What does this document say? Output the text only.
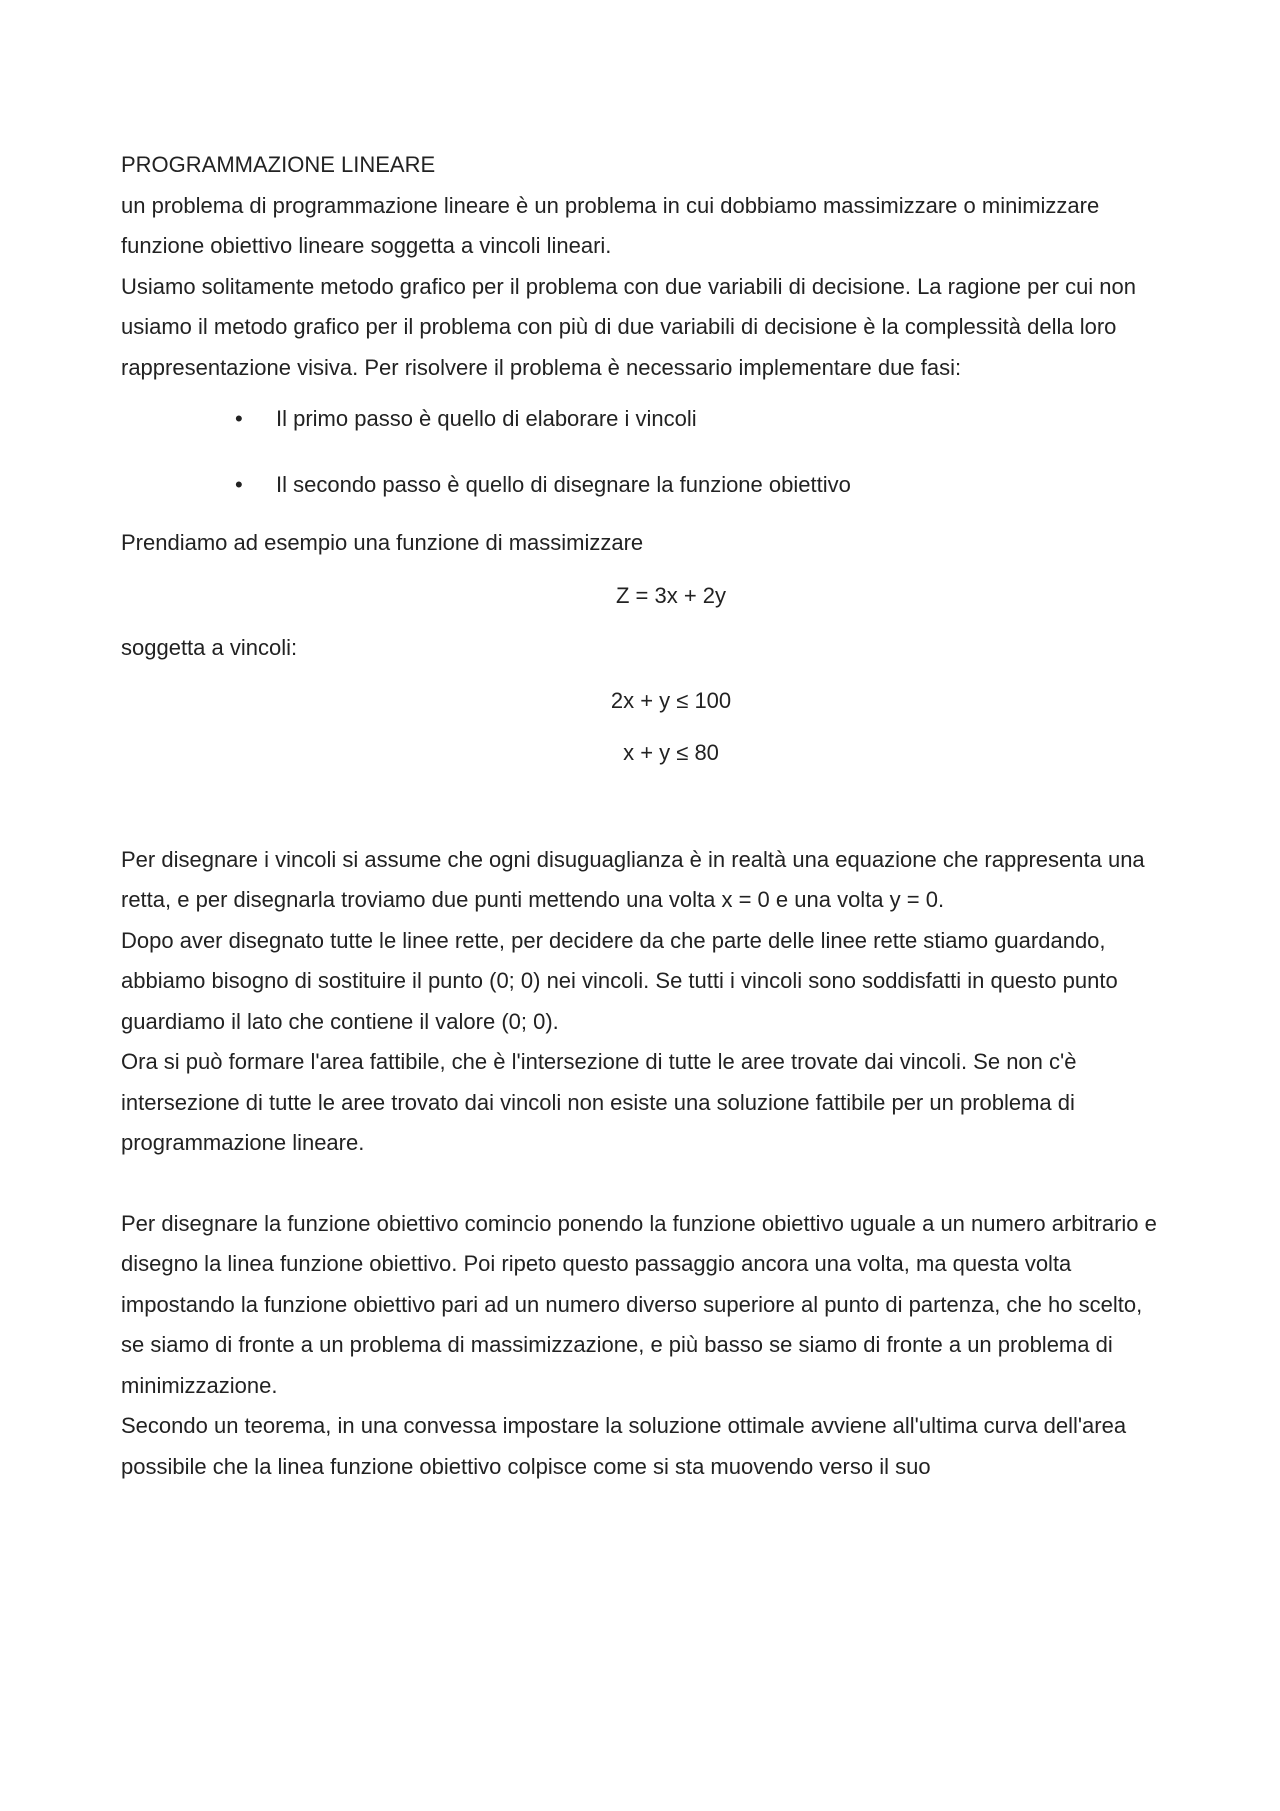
PROGRAMMAZIONE LINEARE

un problema di programmazione lineare è un problema in cui dobbiamo massimizzare o minimizzare funzione obiettivo lineare soggetta a vincoli lineari.

Usiamo solitamente metodo grafico per il problema con due variabili di decisione. La ragione per cui non usiamo il metodo grafico per il problema con più di due variabili di decisione è la complessità della loro rappresentazione visiva. Per risolvere il problema è necessario implementare due fasi:

• Il primo passo è quello di elaborare i vincoli
• Il secondo passo è quello di disegnare la funzione obiettivo

Prendiamo ad esempio una funzione di massimizzare

Z = 3x + 2y

soggetta a vincoli:

2x + y ≤ 100

x + y ≤ 80

Per disegnare i vincoli si assume che ogni disuguaglianza è in realtà una equazione che rappresenta una retta, e per disegnarla troviamo due punti mettendo una volta x = 0 e una volta y = 0.

Dopo aver disegnato tutte le linee rette, per decidere da che parte delle linee rette stiamo guardando, abbiamo bisogno di sostituire il punto (0; 0) nei vincoli. Se tutti i vincoli sono soddisfatti in questo punto guardiamo il lato che contiene il valore (0; 0).

Ora si può formare l'area fattibile, che è l'intersezione di tutte le aree trovate dai vincoli. Se non c'è intersezione di tutte le aree trovato dai vincoli non esiste una soluzione fattibile per un problema di programmazione lineare.

Per disegnare la funzione obiettivo comincio ponendo la funzione obiettivo uguale a un numero arbitrario e disegno la linea funzione obiettivo. Poi ripeto questo passaggio ancora una volta, ma questa volta impostando la funzione obiettivo pari ad un numero diverso superiore al punto di partenza, che ho scelto, se siamo di fronte a un problema di massimizzazione, e più basso se siamo di fronte a un problema di minimizzazione.

Secondo un teorema, in una convessa impostare la soluzione ottimale avviene all'ultima curva dell'area possibile che la linea funzione obiettivo colpisce come si sta muovendo verso il suo
